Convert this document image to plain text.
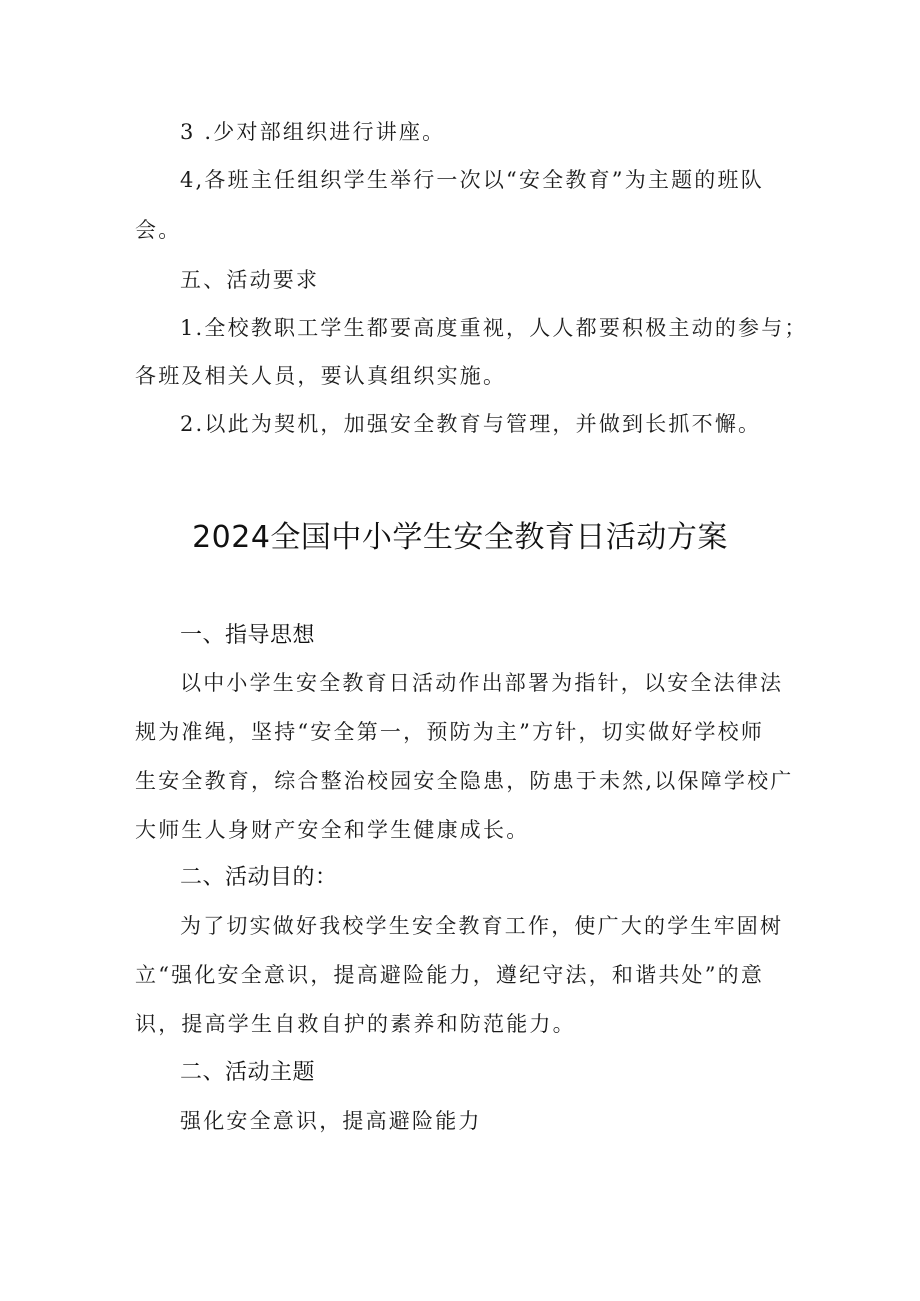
3 .少对部组织进行讲座。
4,各班主任组织学生举行一次以“安全教育”为主题的班队
会。
五、活动要求
1.全校教职工学生都要高度重视，人人都要积极主动的参与；
各班及相关人员，要认真组织实施。
2.以此为契机，加强安全教育与管理，并做到长抓不懈。
2024全国中小学生安全教育日活动方案
一、指导思想
以中小学生安全教育日活动作出部署为指针，以安全法律法
规为准绳，坚持“安全第一，预防为主”方针，切实做好学校师
生安全教育，综合整治校园安全隐患，防患于未然,以保障学校广
大师生人身财产安全和学生健康成长。
二、活动目的：
为了切实做好我校学生安全教育工作，使广大的学生牢固树
立“强化安全意识，提高避险能力，遵纪守法，和谐共处”的意
识，提高学生自救自护的素养和防范能力。
二、活动主题
强化安全意识，提高避险能力
